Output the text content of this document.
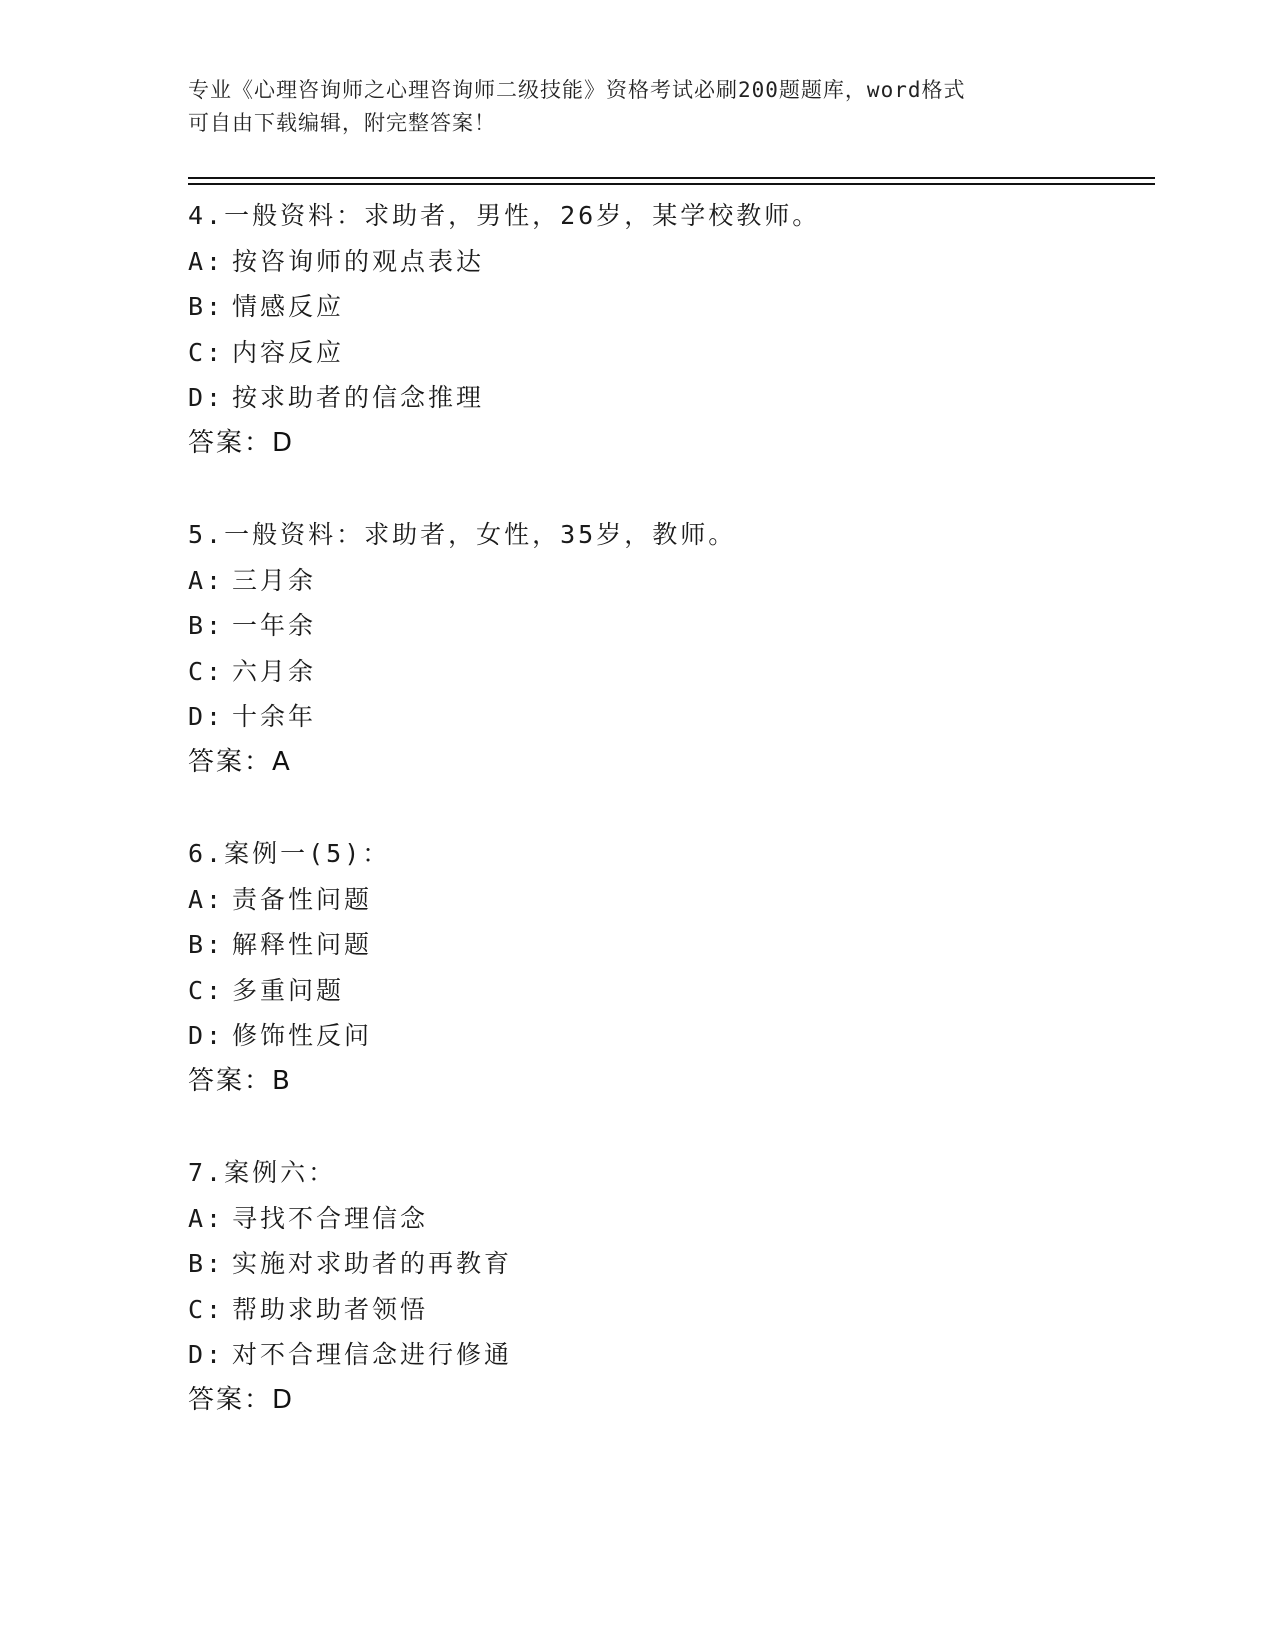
专业《心理咨询师之心理咨询师二级技能》资格考试必刷200题题库，word格式
可自由下载编辑，附完整答案！
4.一般资料：求助者，男性，26岁，某学校教师。
A: 按咨询师的观点表达
B: 情感反应
C: 内容反应
D: 按求助者的信念推理
答案：D
5.一般资料：求助者，女性，35岁，教师。
A: 三月余
B: 一年余
C: 六月余
D: 十余年
答案：A
6.案例一(5)：
A: 责备性问题
B: 解释性问题
C: 多重问题
D: 修饰性反问
答案：B
7.案例六：
A: 寻找不合理信念
B: 实施对求助者的再教育
C: 帮助求助者领悟
D: 对不合理信念进行修通
答案：D
